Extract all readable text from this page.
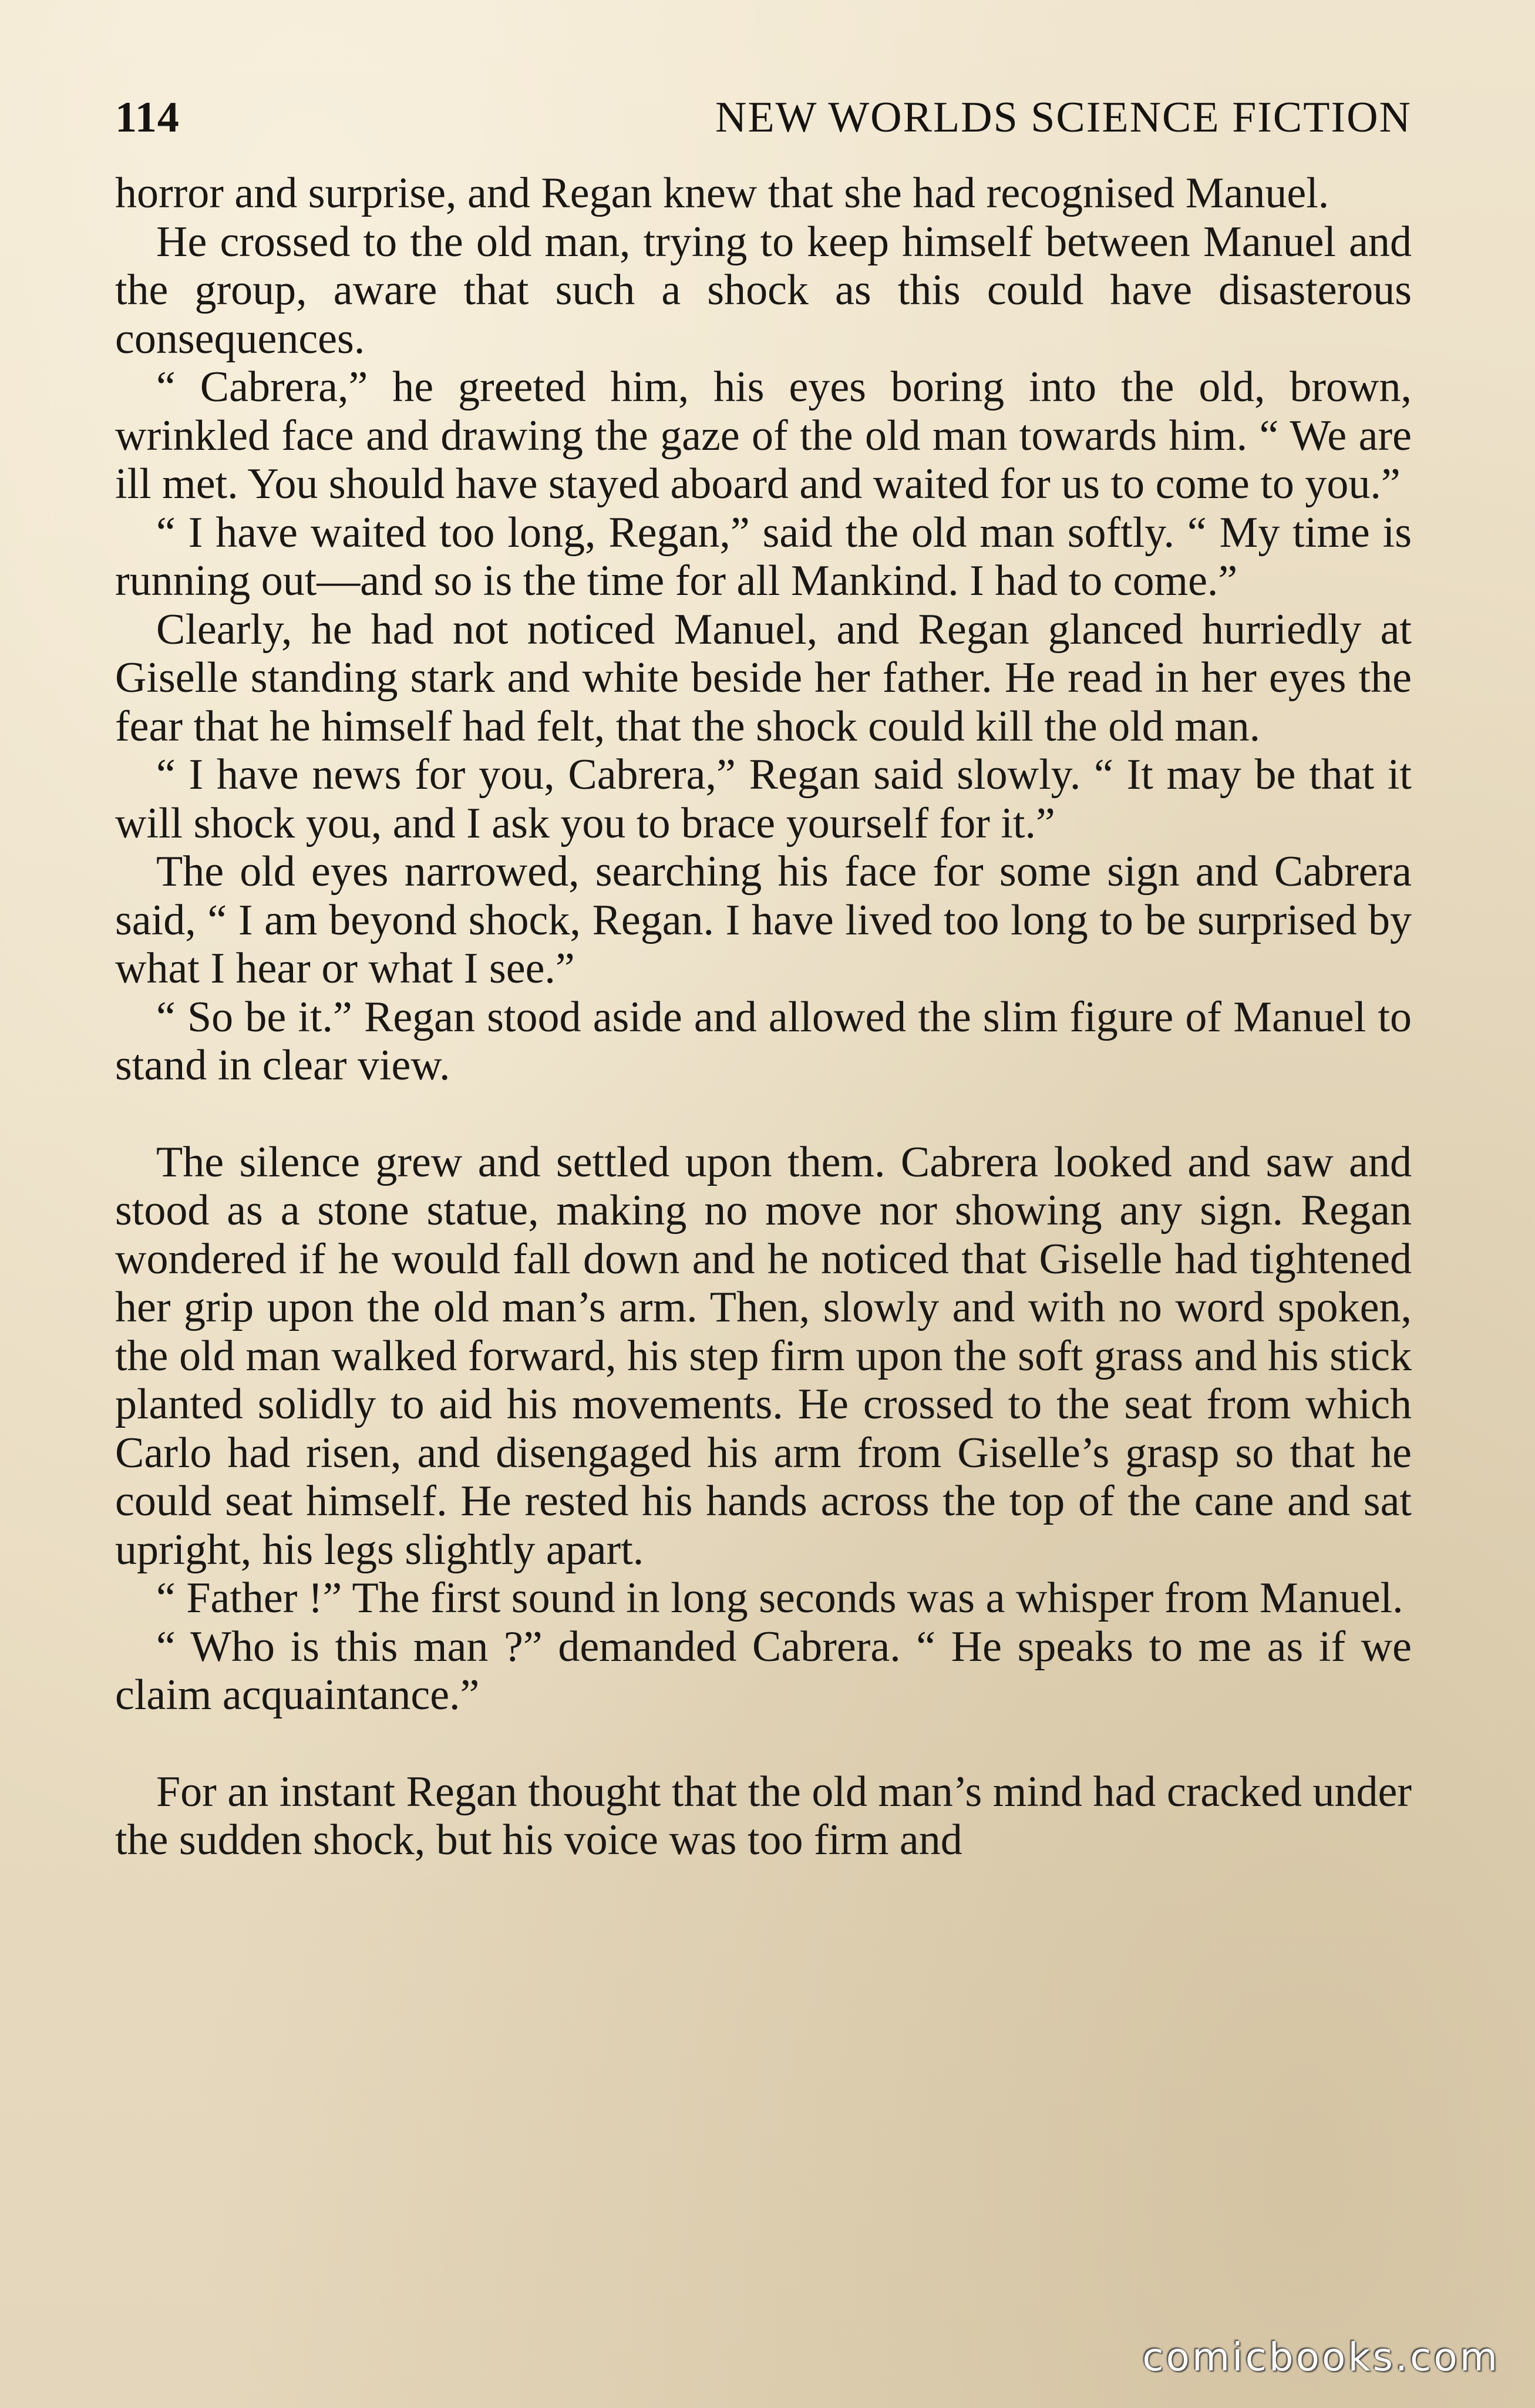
114	NEW WORLDS SCIENCE FICTION

horror and surprise, and Regan knew that she had recognised Manuel.

He crossed to the old man, trying to keep himself between Manuel and the group, aware that such a shock as this could have disasterous consequences.

“ Cabrera,” he greeted him, his eyes boring into the old, brown, wrinkled face and drawing the gaze of the old man towards him. “ We are ill met. You should have stayed aboard and waited for us to come to you.”

“ I have waited too long, Regan,” said the old man softly. “ My time is running out—and so is the time for all Mankind. I had to come.”

Clearly, he had not noticed Manuel, and Regan glanced hurriedly at Giselle standing stark and white beside her father. He read in her eyes the fear that he himself had felt, that the shock could kill the old man.

“ I have news for you, Cabrera,” Regan said slowly. “ It may be that it will shock you, and I ask you to brace yourself for it.”

The old eyes narrowed, searching his face for some sign and Cabrera said, “ I am beyond shock, Regan. I have lived too long to be surprised by what I hear or what I see.”

“ So be it.” Regan stood aside and allowed the slim figure of Manuel to stand in clear view.

The silence grew and settled upon them. Cabrera looked and saw and stood as a stone statue, making no move nor showing any sign. Regan wondered if he would fall down and he noticed that Giselle had tightened her grip upon the old man’s arm. Then, slowly and with no word spoken, the old man walked forward, his step firm upon the soft grass and his stick planted solidly to aid his movements. He crossed to the seat from which Carlo had risen, and disengaged his arm from Giselle’s grasp so that he could seat himself. He rested his hands across the top of the cane and sat upright, his legs slightly apart.

“ Father !” The first sound in long seconds was a whisper from Manuel.

“ Who is this man ?” demanded Cabrera. “ He speaks to me as if we claim acquaintance.”

For an instant Regan thought that the old man’s mind had cracked under the sudden shock, but his voice was too firm and

comicbooks.com
